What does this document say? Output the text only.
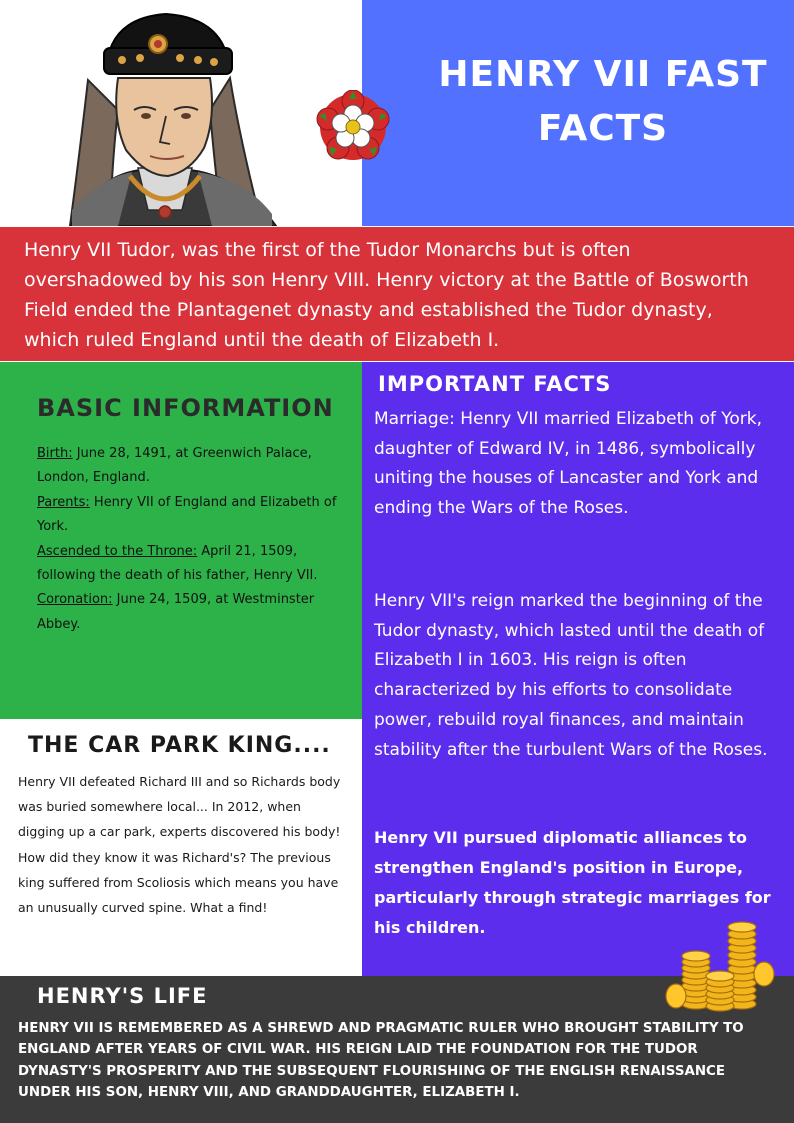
HENRY VII FAST FACTS

Henry VII Tudor, was the first of the Tudor Monarchs but is often overshadowed by his son Henry VIII. Henry victory at the Battle of Bosworth Field ended the Plantagenet dynasty and established the Tudor dynasty, which ruled England until the death of Elizabeth I.

BASIC INFORMATION

Birth: June 28, 1491, at Greenwich Palace, London, England.

Parents: Henry VII of England and Elizabeth of York.

Ascended to the Throne: April 21, 1509, following the death of his father, Henry VII.

Coronation: June 24, 1509, at Westminster Abbey.

THE CAR PARK KING....

Henry VII defeated Richard III and so Richards body was buried somewhere local... In 2012, when digging up a car park, experts discovered his body! How did they know it was Richard's? The previous king suffered from Scoliosis which means you have an unusually curved spine. What a find!

IMPORTANT FACTS

Marriage: Henry VII married Elizabeth of York, daughter of Edward IV, in 1486, symbolically uniting the houses of Lancaster and York and ending the Wars of the Roses.

Henry VII's reign marked the beginning of the Tudor dynasty, which lasted until the death of Elizabeth I in 1603. His reign is often characterized by his efforts to consolidate power, rebuild royal finances, and maintain stability after the turbulent Wars of the Roses.

Henry VII pursued diplomatic alliances to strengthen England's position in Europe, particularly through strategic marriages for his children.

HENRY'S LIFE

HENRY VII IS REMEMBERED AS A SHREWD AND PRAGMATIC RULER WHO BROUGHT STABILITY TO ENGLAND AFTER YEARS OF CIVIL WAR. HIS REIGN LAID THE FOUNDATION FOR THE TUDOR DYNASTY'S PROSPERITY AND THE SUBSEQUENT FLOURISHING OF THE ENGLISH RENAISSANCE UNDER HIS SON, HENRY VIII, AND GRANDDAUGHTER, ELIZABETH I.
